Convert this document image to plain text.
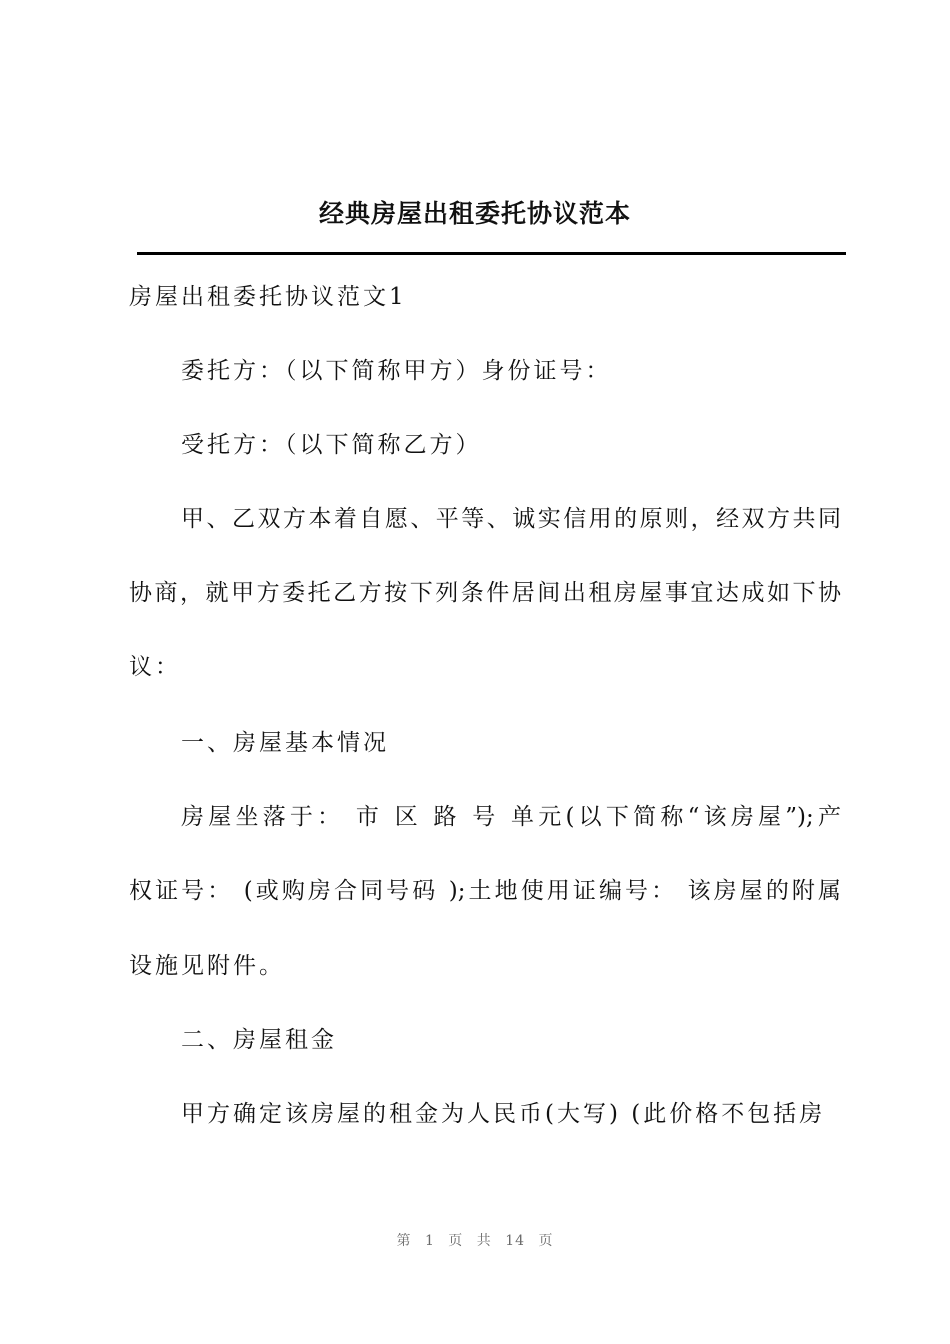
经典房屋出租委托协议范本

房屋出租委托协议范文1

委托方：（以下简称甲方）身份证号：

受托方：（以下简称乙方）

甲、乙双方本着自愿、平等、诚实信用的原则，经双方共同

协商，就甲方委托乙方按下列条件居间出租房屋事宜达成如下协

议：

一、房屋基本情况

房屋坐落于： 市 区 路 号 单元(以下简称“该房屋”);产

权证号： (或购房合同号码 );土地使用证编号： 该房屋的附属

设施见附件。

二、房屋租金

甲方确定该房屋的租金为人民币(大写) (此价格不包括房

第 1 页 共 14 页
